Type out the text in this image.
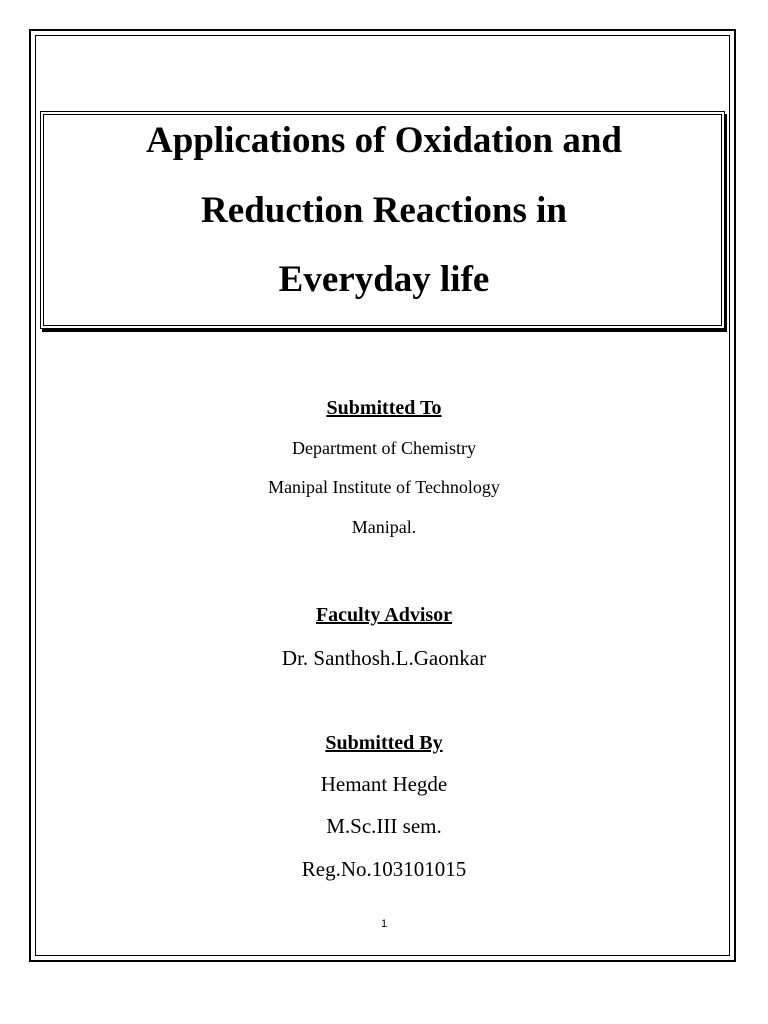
Applications of Oxidation and
Reduction Reactions in
Everyday life
Submitted To
Department of Chemistry
Manipal Institute of Technology
Manipal.
Faculty Advisor
Dr. Santhosh.L.Gaonkar
Submitted By
Hemant Hegde
M.Sc.III sem.
Reg.No.103101015
1
